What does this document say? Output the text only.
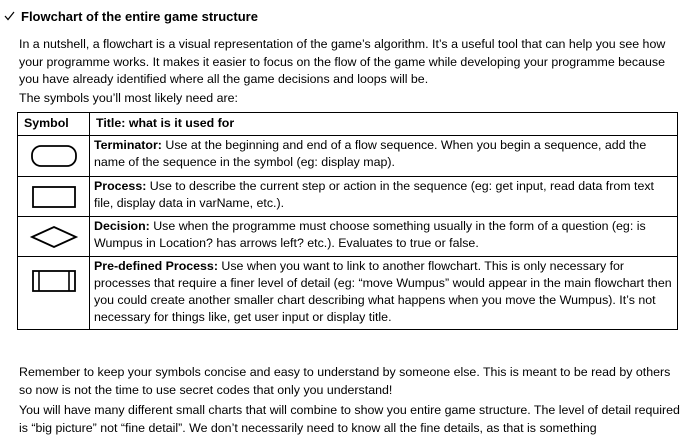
Flowchart of the entire game structure

In a nutshell, a flowchart is a visual representation of the game’s algorithm. It’s a useful tool that can help you see how your programme works. It makes it easier to focus on the flow of the game while developing your programme because you have already identified where all the game decisions and loops will be.

The symbols you’ll most likely need are:

Symbol	Title: what is it used for

	Terminator: Use at the beginning and end of a flow sequence. When you begin a sequence, add the name of the sequence in the symbol (eg: display map).

	Process: Use to describe the current step or action in the sequence (eg: get input, read data from text file, display data in varName, etc.).

	Decision: Use when the programme must choose something usually in the form of a question (eg: is Wumpus in Location? has arrows left? etc.). Evaluates to true or false.

	Pre-defined Process: Use when you want to link to another flowchart. This is only necessary for processes that require a finer level of detail (eg: “move Wumpus” would appear in the main flowchart then you could create another smaller chart describing what happens when you move the Wumpus). It’s not necessary for things like, get user input or display title.

Remember to keep your symbols concise and easy to understand by someone else. This is meant to be read by others so now is not the time to use secret codes that only you understand!

You will have many different small charts that will combine to show you entire game structure. The level of detail required is “big picture” not “fine detail”. We don’t necessarily need to know all the fine details, as that is something
